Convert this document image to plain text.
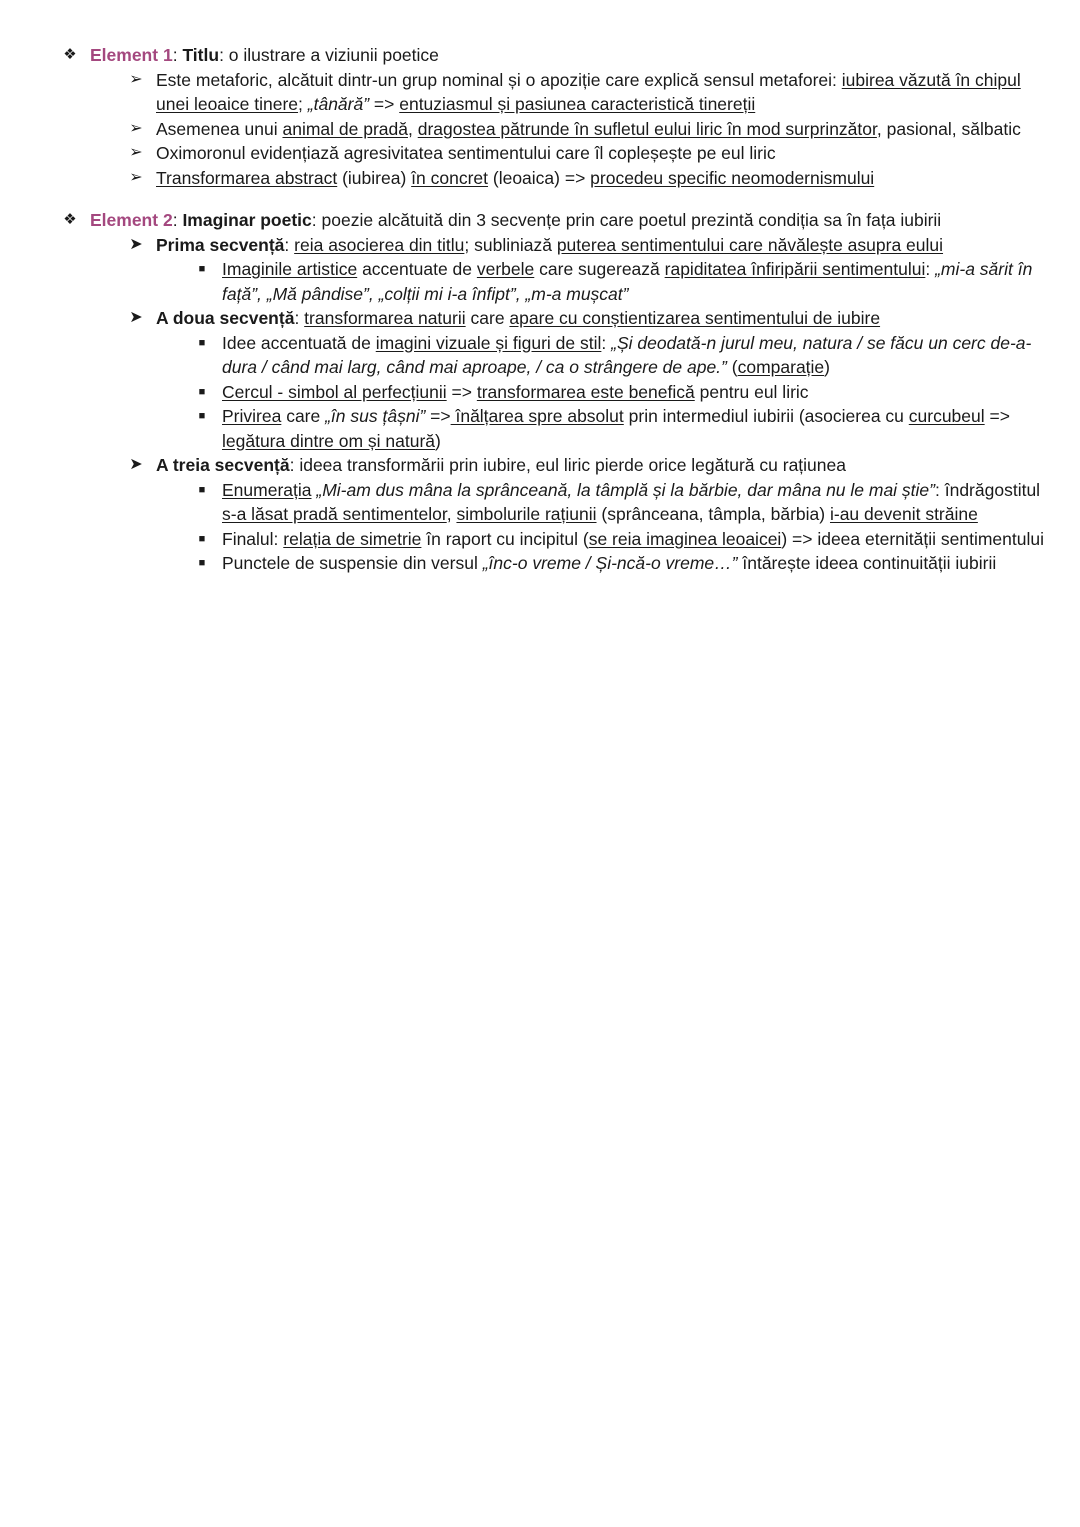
❖ Element 1: Titlu: o ilustrare a viziunii poetice
➢ Este metaforic, alcătuit dintr-un grup nominal și o apoziție care explică sensul metaforei: iubirea văzută în chipul unei leoaice tinere; „tânără” => entuziasmul și pasiunea caracteristică tinereții
➢ Asemenea unui animal de pradă, dragostea pătrunde în sufletul eului liric în mod surprinzător, pasional, sălbatic
➢ Oximoronul evidențiază agresivitatea sentimentului care îl copleșește pe eul liric
➢ Transformarea abstract (iubirea) în concret (leoaica) => procedeu specific neomodernismului
❖ Element 2: Imaginar poetic: poezie alcătuită din 3 secvențe prin care poetul prezintă condiția sa în fața iubirii
➤ Prima secvență: reia asocierea din titlu; subliniază puterea sentimentului care năvălește asupra eului
■ Imaginile artistice accentuate de verbele care sugerează rapiditatea înfiripării sentimentului: „mi-a sărit în față”, „Mă pândise”, „colții mi i-a înfipt”, „m-a mușcat”
➤ A doua secvență: transformarea naturii care apare cu conștientizarea sentimentului de iubire
■ Idee accentuată de imagini vizuale și figuri de stil: „Și deodată-n jurul meu, natura / se făcu un cerc de-a-dura / când mai larg, când mai aproape, / ca o strângere de ape.” (comparație)
■ Cercul - simbol al perfecțiunii => transformarea este benefică pentru eul liric
■ Privirea care „în sus țâșni” => înălțarea spre absolut prin intermediul iubirii (asocierea cu curcubeul => legătura dintre om și natură)
➤ A treia secvență: ideea transformării prin iubire, eul liric pierde orice legătură cu rațiunea
■ Enumerația „Mi-am dus mâna la sprânceană, la tâmplă și la bărbie, dar mâna nu le mai știe”: îndrăgostitul s-a lăsat pradă sentimentelor, simbolurile rațiunii (sprânceana, tâmpla, bărbia) i-au devenit străine
■ Finalul: relația de simetrie în raport cu incipitul (se reia imaginea leoaicei) => ideea eternității sentimentului
■ Punctele de suspensie din versul „înc-o vreme / Și-ncă-o vreme…” întărește ideea continuității iubirii
